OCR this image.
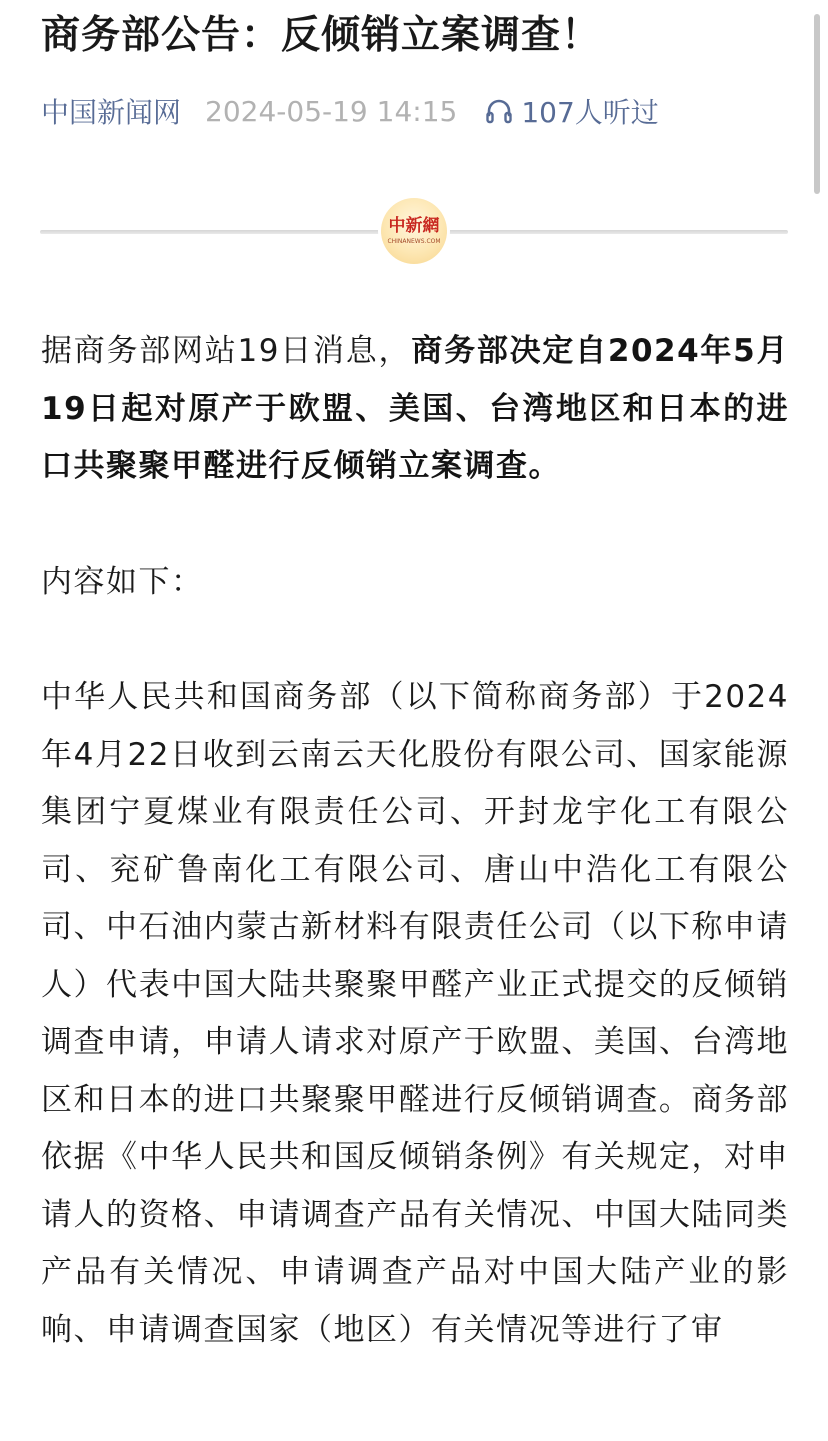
商务部公告：反倾销立案调查！
中国新闻网 2024-05-19 14:15 107人听过
中新網
CHINANEWS.COM

据商务部网站19日消息，商务部决定自2024年5月19日起对原产于欧盟、美国、台湾地区和日本的进口共聚聚甲醛进行反倾销立案调查。

内容如下：

中华人民共和国商务部（以下简称商务部）于2024年4月22日收到云南云天化股份有限公司、国家能源集团宁夏煤业有限责任公司、开封龙宇化工有限公司、兖矿鲁南化工有限公司、唐山中浩化工有限公司、中石油内蒙古新材料有限责任公司（以下称申请人）代表中国大陆共聚聚甲醛产业正式提交的反倾销调查申请，申请人请求对原产于欧盟、美国、台湾地区和日本的进口共聚聚甲醛进行反倾销调查。商务部依据《中华人民共和国反倾销条例》有关规定，对申请人的资格、申请调查产品有关情况、中国大陆同类产品有关情况、申请调查产品对中国大陆产业的影响、申请调查国家（地区）有关情况等进行了审
